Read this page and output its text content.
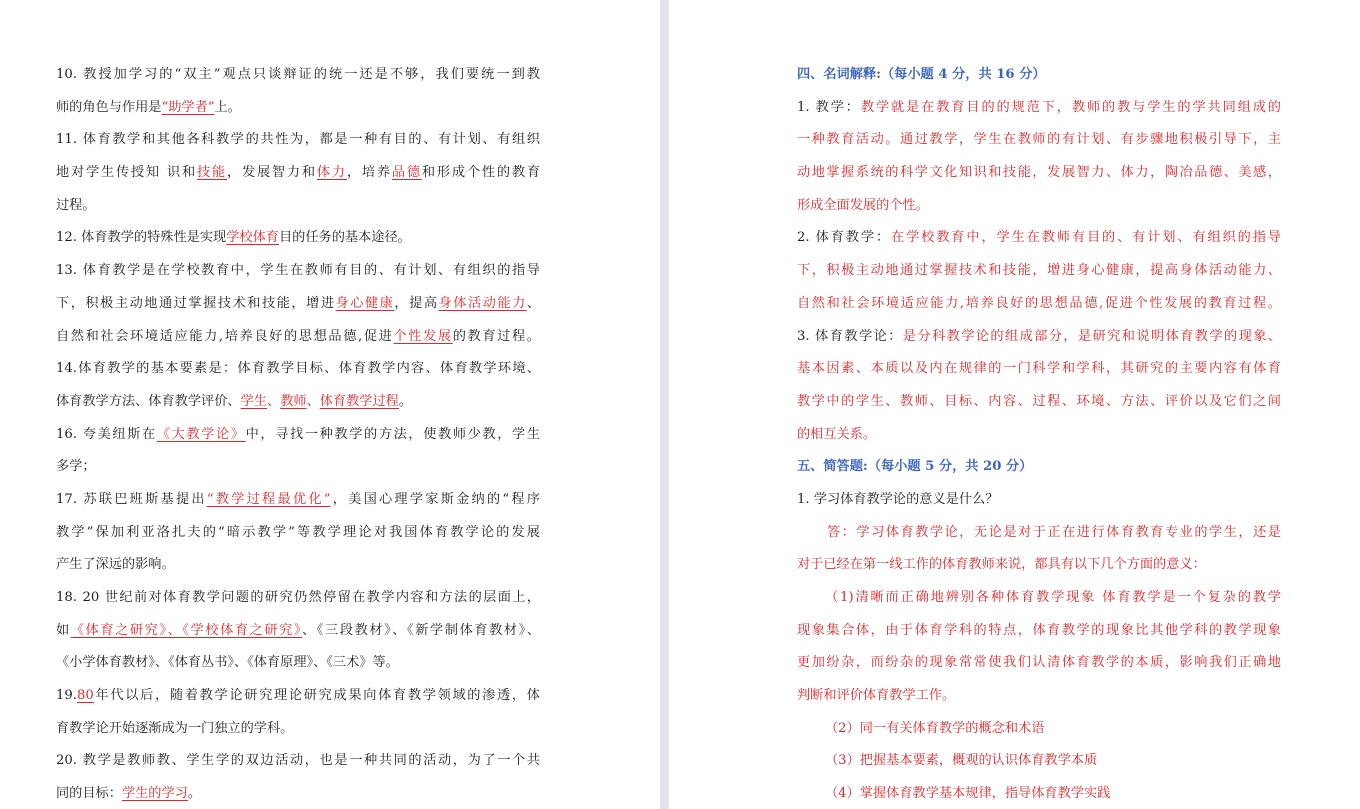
10. 教授加学习的“双主”观点只谈辩证的统一还是不够，我们要统一到教
师的角色与作用是“助学者”上。
11. 体育教学和其他各科教学的共性为，都是一种有目的、有计划、有组织
地对学生传授知 识和技能，发展智力和体力，培养品德和形成个性的教育
过程。
12. 体育教学的特殊性是实现学校体育目的任务的基本途径。
13. 体育教学是在学校教育中，学生在教师有目的、有计划、有组织的指导
下，积极主动地通过掌握技术和技能，增进身心健康，提高身体活动能力、
自然和社会环境适应能力,培养良好的思想品德,促进个性发展的教育过程。
14.体育教学的基本要素是：体育教学目标、体育教学内容、体育教学环境、
体育教学方法、体育教学评价、学生、教师、体育教学过程。
16. 夸美纽斯在《大教学论》中，寻找一种教学的方法，使教师少教，学生
多学；
17. 苏联巴班斯基提出“教学过程最优化”，美国心理学家斯金纳的“程序
教学”保加利亚洛扎夫的“暗示教学”等教学理论对我国体育教学论的发展
产生了深远的影响。
18. 20 世纪前对体育教学问题的研究仍然停留在教学内容和方法的层面上，
如《体育之研究》、《学校体育之研究》、《三段教材》、《新学制体育教材》、
《小学体育教材》、《体育丛书》、《体育原理》、《三术》等。
19.80年代以后，随着教学论研究理论研究成果向体育教学领域的渗透，体
育教学论开始逐渐成为一门独立的学科。
20. 教学是教师教、学生学的双边活动，也是一种共同的活动，为了一个共
同的目标：学生的学习。
四、名词解释:（每小题 4 分，共 16 分）
1. 教学：教学就是在教育目的的规范下，教师的教与学生的学共同组成的
一种教育活动。通过教学，学生在教师的有计划、有步骤地积极引导下，主
动地掌握系统的科学文化知识和技能，发展智力、体力，陶冶品德、美感，
形成全面发展的个性。
2. 体育教学：在学校教育中，学生在教师有目的、有计划、有组织的指导
下，积极主动地通过掌握技术和技能，增进身心健康，提高身体活动能力、
自然和社会环境适应能力,培养良好的思想品德,促进个性发展的教育过程。
3. 体育教学论：是分科教学论的组成部分，是研究和说明体育教学的现象、
基本因素、本质以及内在规律的一门科学和学科，其研究的主要内容有体育
教学中的学生、教师、目标、内容、过程、环境、方法、评价以及它们之间
的相互关系。
五、简答题:（每小题 5 分，共 20 分）
1. 学习体育教学论的意义是什么？
答：学习体育教学论，无论是对于正在进行体育教育专业的学生，还是
对于已经在第一线工作的体育教师来说，都具有以下几个方面的意义：
（1)清晰而正确地辨别各种体育教学现象 体育教学是一个复杂的教学
现象集合体，由于体育学科的特点，体育教学的现象比其他学科的教学现象
更加纷杂，而纷杂的现象常常使我们认清体育教学的本质，影响我们正确地
判断和评价体育教学工作。
（2）同一有关体育教学的概念和术语
（3）把握基本要素，概观的认识体育教学本质
（4）掌握体育教学基本规律，指导体育教学实践
